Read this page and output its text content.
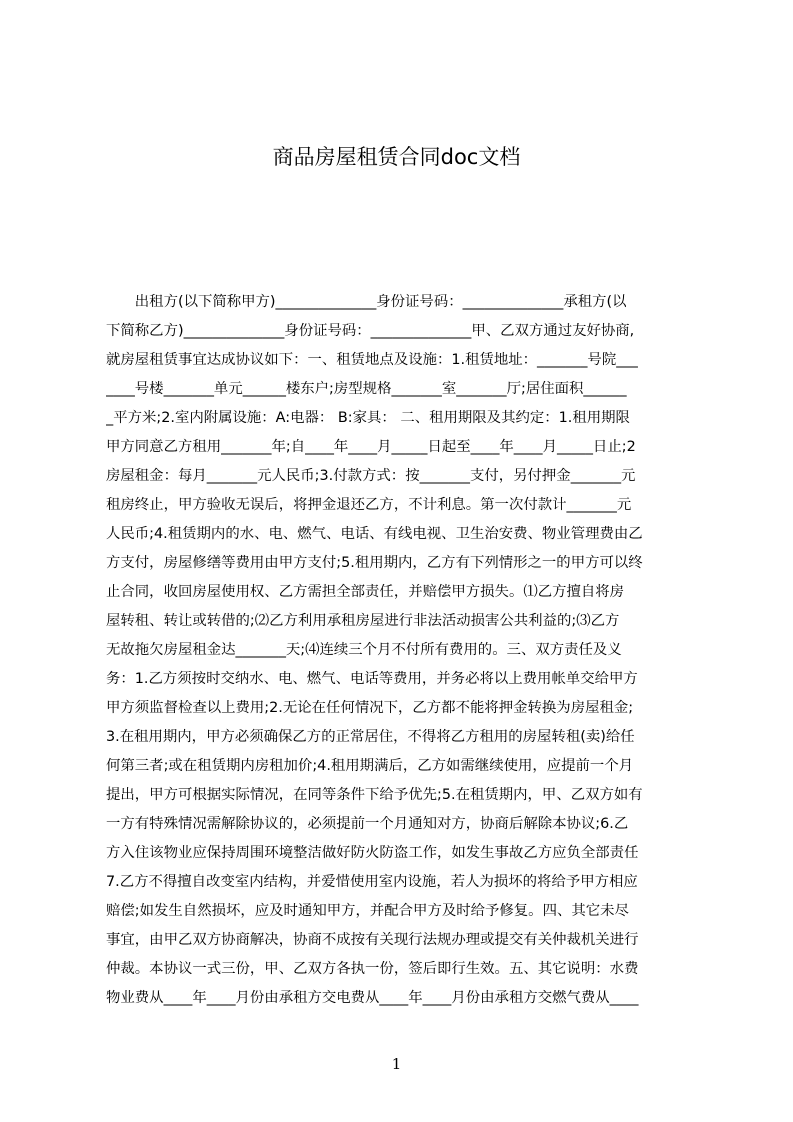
商品房屋租赁合同doc文档
　　出租方(以下简称甲方)______________身份证号码：______________承租方(以
下简称乙方)______________身份证号码：______________甲、乙双方通过友好协商,
就房屋租赁事宜达成协议如下：一、租赁地点及设施：1.租赁地址：_______号院___
____号楼_______单元______楼东户;房型规格_______室_______厅;居住面积______
_平方米;2.室内附属设施：A:电器： B:家具： 二、租用期限及其约定：1.租用期限
甲方同意乙方租用_______年;自____年____月_____日起至____年____月_____日止;2
房屋租金：每月_______元人民币;3.付款方式：按_______支付，另付押金_______元
租房终止，甲方验收无误后，将押金退还乙方，不计利息。第一次付款计_______元
人民币;4.租赁期内的水、电、燃气、电话、有线电视、卫生治安费、物业管理费由乙
方支付，房屋修缮等费用由甲方支付;5.租用期内，乙方有下列情形之一的甲方可以终
止合同，收回房屋使用权、乙方需担全部责任，并赔偿甲方损失。⑴乙方擅自将房
屋转租、转让或转借的;⑵乙方利用承租房屋进行非法活动损害公共利益的;⑶乙方
无故拖欠房屋租金达_______天;⑷连续三个月不付所有费用的。三、双方责任及义
务：1.乙方须按时交纳水、电、燃气、电话等费用，并务必将以上费用帐单交给甲方
甲方须监督检查以上费用;2.无论在任何情况下，乙方都不能将押金转换为房屋租金;
3.在租用期内，甲方必须确保乙方的正常居住，不得将乙方租用的房屋转租(卖)给任
何第三者;或在租赁期内房租加价;4.租用期满后，乙方如需继续使用，应提前一个月
提出，甲方可根据实际情况，在同等条件下给予优先;5.在租赁期内，甲、乙双方如有
一方有特殊情况需解除协议的，必须提前一个月通知对方，协商后解除本协议;6.乙
方入住该物业应保持周围环境整洁做好防火防盗工作，如发生事故乙方应负全部责任
7.乙方不得擅自改变室内结构，并爱惜使用室内设施，若人为损坏的将给予甲方相应
赔偿;如发生自然损坏，应及时通知甲方，并配合甲方及时给予修复。四、其它未尽
事宜，由甲乙双方协商解决，协商不成按有关现行法规办理或提交有关仲裁机关进行
仲裁。本协议一式三份，甲、乙双方各执一份，签后即行生效。五、其它说明：水费
物业费从____年____月份由承租方交电费从____年____月份由承租方交燃气费从____
1
